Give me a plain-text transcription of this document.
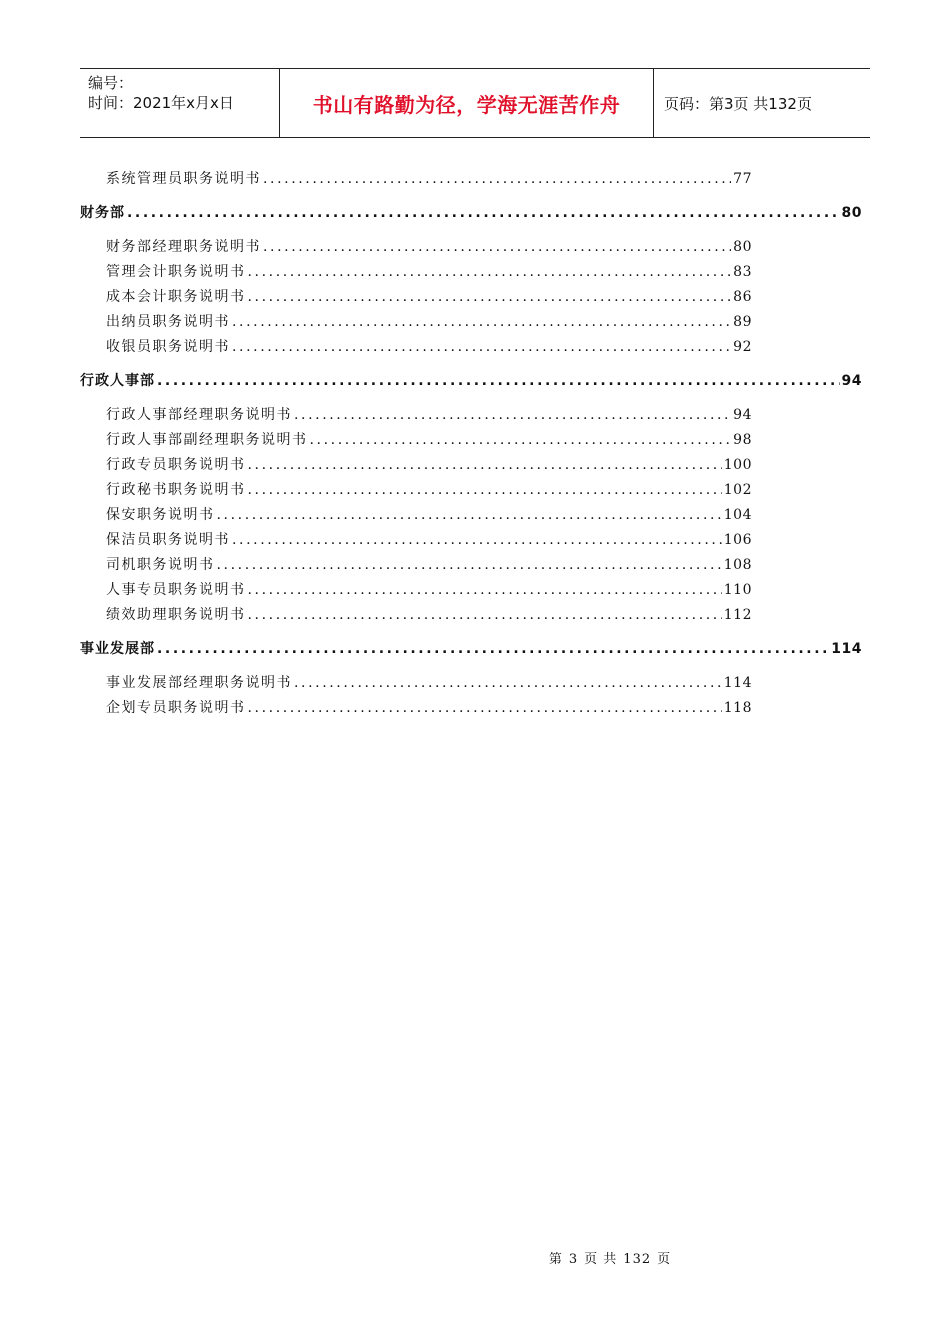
编号：
时间：2021年x月x日	书山有路勤为径，学海无涯苦作舟	页码：第3页 共132页
系统管理员职务说明书 .....	77
财务部 .....	80
财务部经理职务说明书 .....	80
管理会计职务说明书 .....	83
成本会计职务说明书 .....	86
出纳员职务说明书 .....	89
收银员职务说明书 .....	92
行政人事部 .....	94
行政人事部经理职务说明书 .....	94
行政人事部副经理职务说明书 .....	98
行政专员职务说明书 .....	100
行政秘书职务说明书 .....	102
保安职务说明书 .....	104
保洁员职务说明书 .....	106
司机职务说明书 .....	108
人事专员职务说明书 .....	110
绩效助理职务说明书 .....	112
事业发展部 .....	114
事业发展部经理职务说明书 .....	114
企划专员职务说明书 .....	118
第 3 页 共 132 页
